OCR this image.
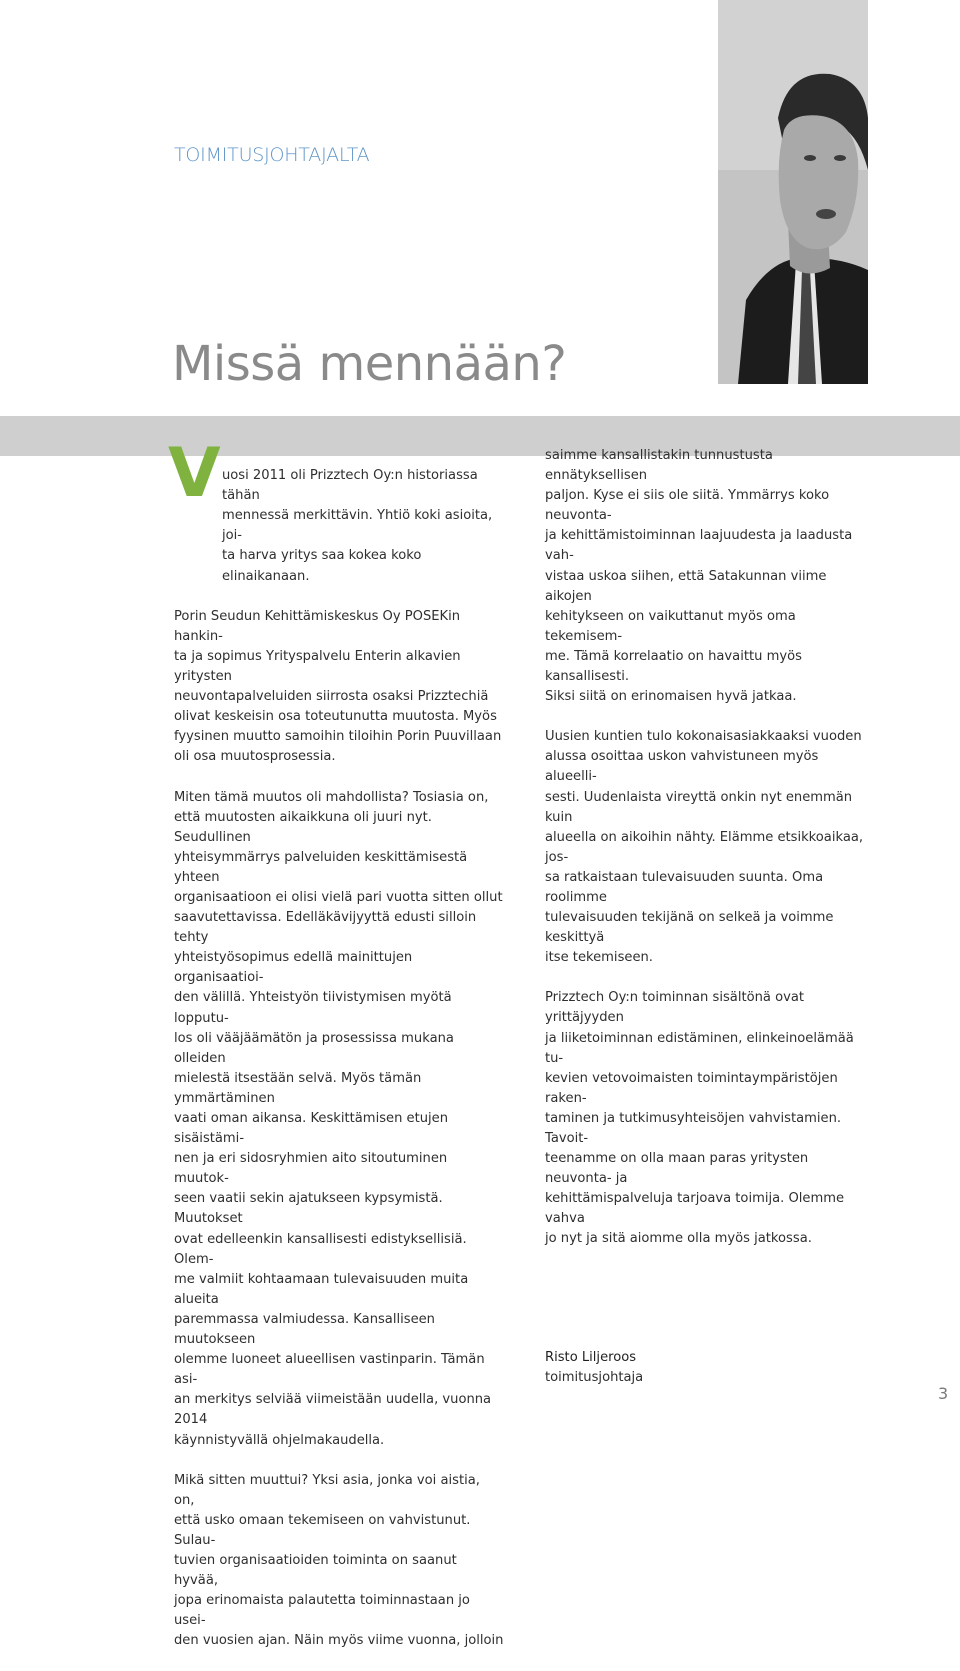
TOIMITUSJOHTAJALTA
Missä mennään?
V uosi 2011 oli Prizztech Oy:n historiassa tähän
mennessä merkittävin. Yhtiö koki asioita, joi-
ta harva yritys saa kokea koko elinaikanaan.

Porin Seudun Kehittämiskeskus Oy POSEKin hankin-
ta ja sopimus Yrityspalvelu Enterin alkavien yritysten
neuvontapalveluiden siirrosta osaksi Prizztechiä
olivat keskeisin osa toteutunutta muutosta. Myös
fyysinen muutto samoihin tiloihin Porin Puuvillaan
oli osa muutosprosessia.

Miten tämä muutos oli mahdollista? Tosiasia on,
että muutosten aikaikkuna oli juuri nyt. Seudullinen
yhteisymmärrys palveluiden keskittämisestä yhteen
organisaatioon ei olisi vielä pari vuotta sitten ollut
saavutettavissa. Edelläkävijyyttä edusti silloin tehty
yhteistyösopimus edellä mainittujen organisaatioi-
den välillä. Yhteistyön tiivistymisen myötä lopputu-
los oli vääjäämätön ja prosessissa mukana olleiden
mielestä itsestään selvä. Myös tämän ymmärtäminen
vaati oman aikansa. Keskittämisen etujen sisäistämi-
nen ja eri sidosryhmien aito sitoutuminen muutok-
seen vaatii sekin ajatukseen kypsymistä. Muutokset
ovat edelleenkin kansallisesti edistyksellisiä. Olem-
me valmiit kohtaamaan tulevaisuuden muita alueita
paremmassa valmiudessa. Kansalliseen muutokseen
olemme luoneet alueellisen vastinparin. Tämän asi-
an merkitys selviää viimeistään uudella, vuonna 2014
käynnistyvällä ohjelmakaudella.

Mikä sitten muuttui? Yksi asia, jonka voi aistia, on,
että usko omaan tekemiseen on vahvistunut. Sulau-
tuvien organisaatioiden toiminta on saanut hyvää,
jopa erinomaista palautetta toiminnastaan jo usei-
den vuosien ajan. Näin myös viime vuonna, jolloin

saimme kansallistakin tunnustusta ennätyksellisen
paljon. Kyse ei siis ole siitä. Ymmärrys koko neuvonta-
ja kehittämistoiminnan laajuudesta ja laadusta vah-
vistaa uskoa siihen, että Satakunnan viime aikojen
kehitykseen on vaikuttanut myös oma tekemisem-
me. Tämä korrelaatio on havaittu myös kansallisesti.
Siksi siitä on erinomaisen hyvä jatkaa.

Uusien kuntien tulo kokonaisasiakkaaksi vuoden
alussa osoittaa uskon vahvistuneen myös alueelli-
sesti. Uudenlaista vireyttä onkin nyt enemmän kuin
alueella on aikoihin nähty. Elämme etsikkoaikaa, jos-
sa ratkaistaan tulevaisuuden suunta. Oma roolimme
tulevaisuuden tekijänä on selkeä ja voimme keskittyä
itse tekemiseen.

Prizztech Oy:n toiminnan sisältönä ovat yrittäjyyden
ja liiketoiminnan edistäminen, elinkeinoelämää tu-
kevien vetovoimaisten toimintaympäristöjen raken-
taminen ja tutkimusyhteisöjen vahvistamien. Tavoit-
teenamme on olla maan paras yritysten neuvonta- ja
kehittämispalveluja tarjoava toimija. Olemme vahva
jo nyt ja sitä aiomme olla myös jatkossa.

Risto Liljeroos
toimitusjohtaja
3
